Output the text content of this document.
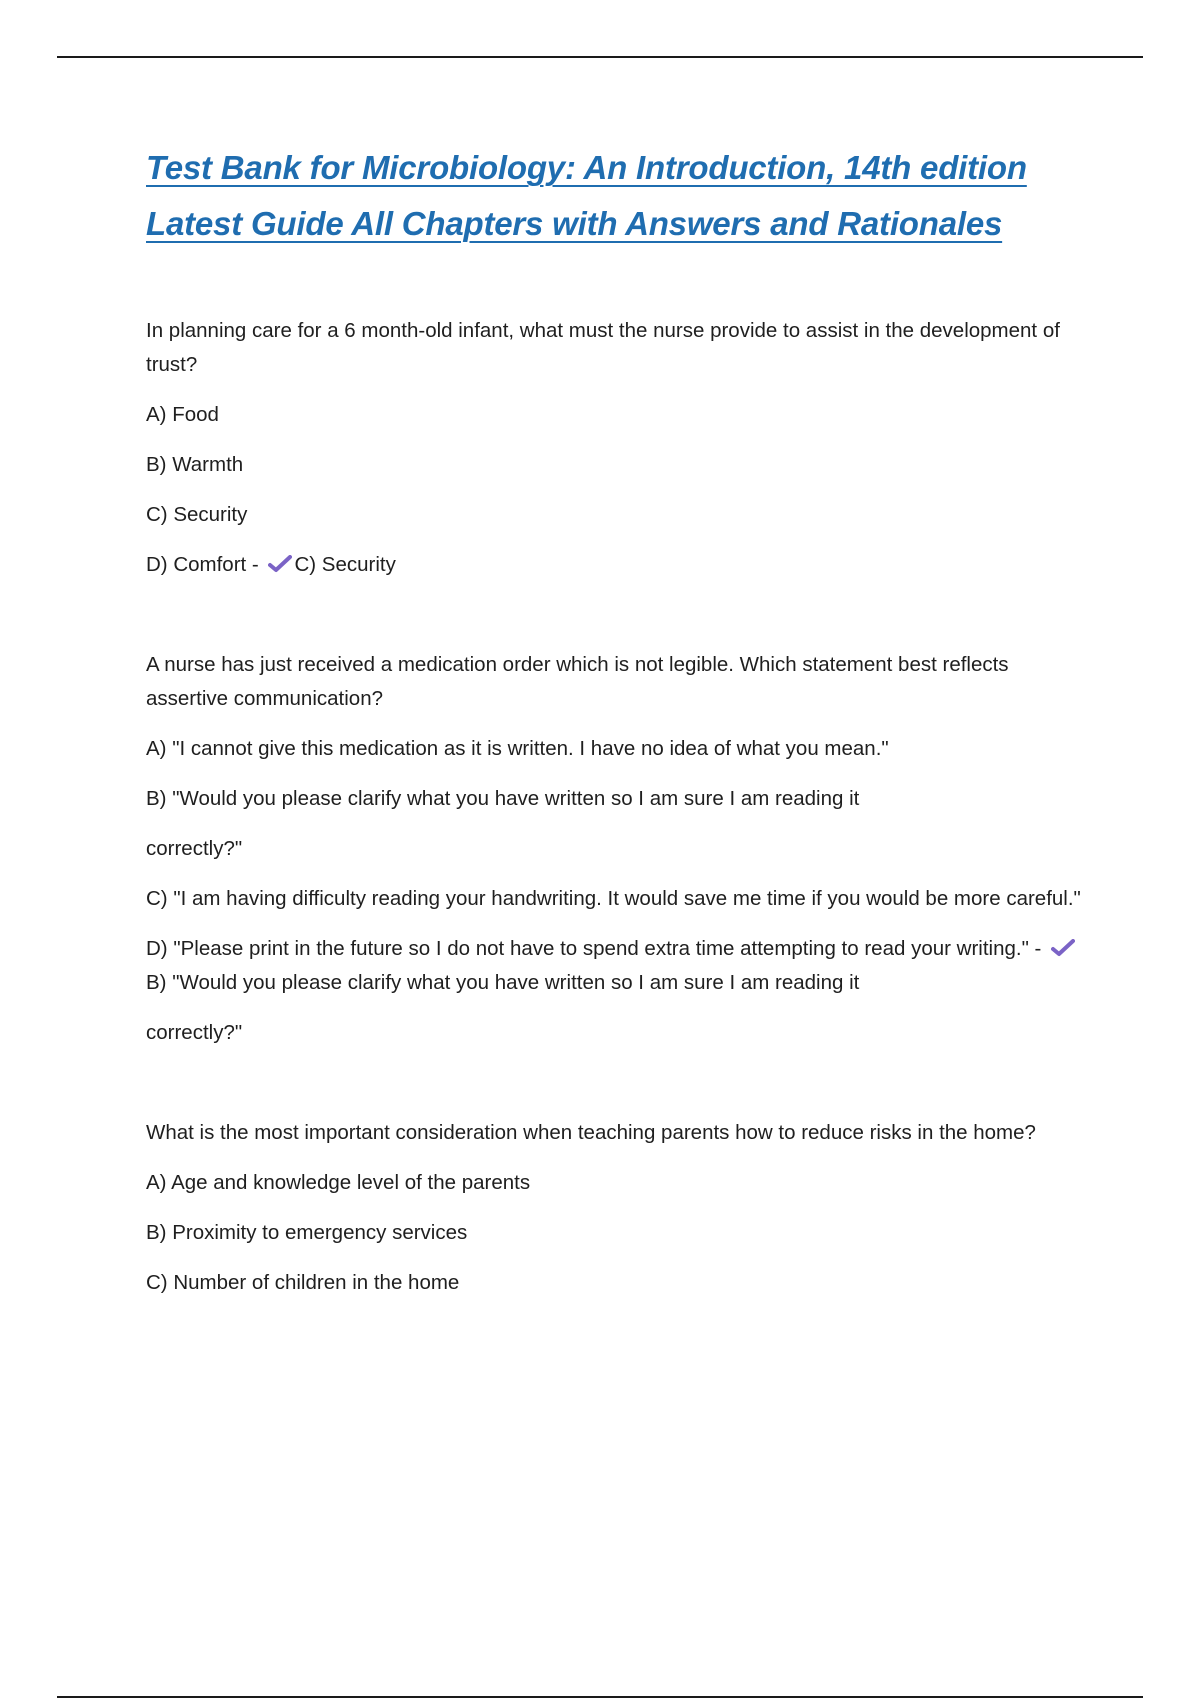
Test Bank for Microbiology: An Introduction, 14th edition Latest Guide All Chapters with Answers and Rationales

In planning care for a 6 month-old infant, what must the nurse provide to assist in the development of trust?

A) Food

B) Warmth

C) Security

D) Comfort - C) Security

A nurse has just received a medication order which is not legible. Which statement best reflects assertive communication?

A) "I cannot give this medication as it is written. I have no idea of what you mean."

B) "Would you please clarify what you have written so I am sure I am reading it

correctly?"

C) "I am having difficulty reading your handwriting. It would save me time if you would be more careful."

D) "Please print in the future so I do not have to spend extra time attempting to read your writing." -
B) "Would you please clarify what you have written so I am sure I am reading it

correctly?"

What is the most important consideration when teaching parents how to reduce risks in the home?

A) Age and knowledge level of the parents

B) Proximity to emergency services

C) Number of children in the home
